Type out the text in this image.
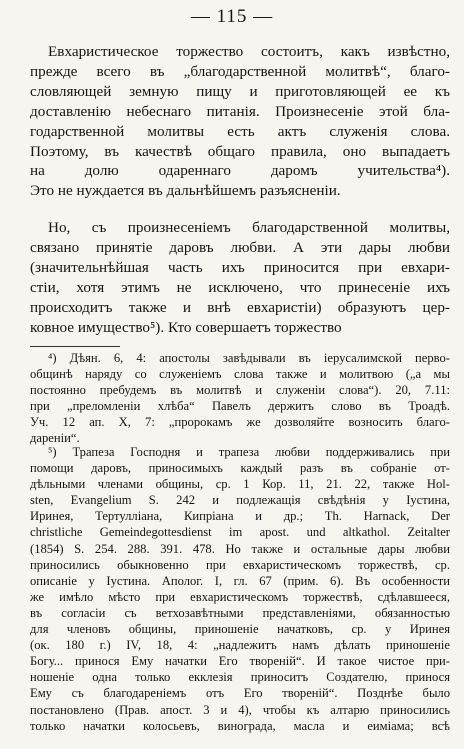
— 115 —
Евхаристическое торжество состоитъ, какъ извѣстно,
прежде всего въ „благодарственной молитвѣ“, благо-
словляющей земную пищу и приготовляющей ее къ
доставленію небеснаго питанія. Произнесеніе этой бла-
годарственной молитвы есть актъ служенія слова.
Поэтому, въ качествѣ общаго правила, оно выпадаетъ
на долю одареннаго даромъ учительства⁴).
Это не нуждается въ дальнѣйшемъ разъясненіи.
Но, съ произнесеніемъ благодарственной молитвы,
связано принятіе даровъ любви. А эти дары любви
(значительнѣйшая часть ихъ приносится при евхари-
стіи, хотя этимъ не исключено, что принесеніе ихъ
происходитъ также и внѣ евхаристіи) образуютъ цер-
ковное имущество⁵). Кто совершаетъ торжество
⁴) Дѣян. 6, 4: апостолы завѣдывали въ іерусалимской перво-
общинѣ наряду со служеніемъ слова также и молитвою („а мы
постоянно пребудемъ въ молитвѣ и служеніи слова“). 20, 7.11:
при „преломленіи хлѣба“ Павелъ держитъ слово въ Троадѣ.
Уч. 12 ап. X, 7: „пророкамъ же дозволяйте возносить благо-
дареніи“.
⁵) Трапеза Господня и трапеза любви поддерживались при
помощи даровъ, приносимыхъ каждый разъ въ собраніе от-
дѣльными членами общины, ср. 1 Кор. 11, 21. 22, также Hol-
sten, Evangelium S. 242 и подлежащія свѣдѣнія у Іустина,
Иринея, Тертулліана, Кипріана и др.; Th. Harnack, Der
christliche Gemeindegottesdienst im apost. und altkathol. Zeitalter
(1854) S. 254. 288. 391. 478. Но также и остальные дары любви
приносились обыкновенно при евхаристическомъ торжествѣ, ср.
описаніе у Іустина. Аполог. I, гл. 67 (прим. 6). Въ особенности
же имѣло мѣсто при евхаристическомъ торжествѣ, сдѣлавшееся,
въ согласіи съ ветхозавѣтными представленіями, обязанностью
для членовъ общины, приношеніе начатковъ, ср. у Иринея
(ок. 180 г.) IV, 18, 4: „надлежитъ намъ дѣлать приношеніе
Богу... принося Ему начатки Его твореній“. И такое чистое при-
ношеніе одна только екклезія приноситъ Создателю, принося
Ему съ благодареніемъ отъ Его твореній“. Позднѣе было
постановлено (Прав. апост. 3 и 4), чтобы къ алтарю приносились
только начатки колосьевъ, винограда, масла и еиміама; всѣ
